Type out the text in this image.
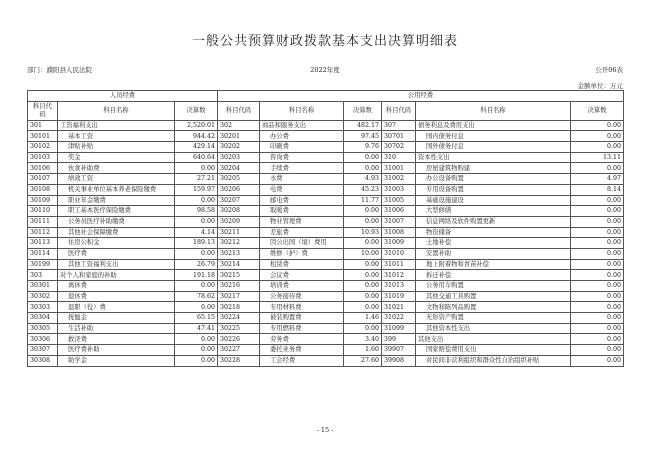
一般公共预算财政拨款基本支出决算明细表
部门：濮阳县人民法院	2022年度	公开06表
金额单位：万元
人员经费			公用经费					
科目代码	科目名称	决算数	科目代码	科目名称	决算数	科目代码	科目名称	决算数
301	工资福利支出	2,520.01	302	商品和服务支出	482.17	307	债务利息及费用支出	0.00
30101	基本工资	944.42	30201	办公费	97.45	30701	国内债务付息	0.00
30102	津贴补贴	429.14	30202	印刷费	9.76	30702	国外债务付息	0.00
30103	奖金	640.64	30203	咨询费	0.00	310	资本性支出	13.11
30106	伙食补助费	0.00	30204	手续费	0.00	31001	房屋建筑物购建	0.00
30107	绩效工资	27.21	30205	水费	4.93	31002	办公设备购置	4.97
30108	机关事业单位基本养老保险缴费	159.97	30206	电费	45.23	31003	专用设备购置	8.14
30109	职业年金缴费	0.00	30207	邮电费	11.77	31005	基础设施建设	0.00
30110	职工基本医疗保险缴费	98.58	30208	取暖费	0.00	31006	大型修缮	0.00
30111	公务员医疗补助缴费	0.00	30209	物业管理费	0.00	31007	信息网络及软件购置更新	0.00
30112	其他社会保障缴费	4.14	30211	差旅费	10.93	31008	物资储备	0.00
30113	住房公积金	189.13	30212	因公出国（境）费用	0.00	31009	土地补偿	0.00
30114	医疗费	0.00	30213	维修（护）费	10.00	31010	安置补助	0.00
30199	其他工资福利支出	26.79	30214	租赁费	0.00	31011	地上附着物和青苗补偿	0.00
303	对个人和家庭的补助	191.18	30215	会议费	0.00	31012	拆迁补偿	0.00
30301	离休费	0.00	30216	培训费	0.00	31013	公务用车购置	0.00
30302	退休费	78.62	30217	公务接待费	0.00	31019	其他交通工具购置	0.00
30303	退职（役）费	0.00	30218	专用材料费	0.00	31021	文物和陈列品购置	0.00
30304	抚恤金	65.15	30224	被装购置费	1.46	31022	无形资产购置	0.00
30305	生活补助	47.41	30225	专用燃料费	0.00	31099	其他资本性支出	0.00
30306	救济费	0.00	30226	劳务费	3.40	399	其他支出	0.00
30307	医疗费补助	0.00	30227	委托业务费	1.60	39907	国家赔偿费用支出	0.00
30308	助学金	0.00	30228	工会经费	27.60	39908	对民间非营利组织和群众性自治组织补贴	0.00
- 15 -
